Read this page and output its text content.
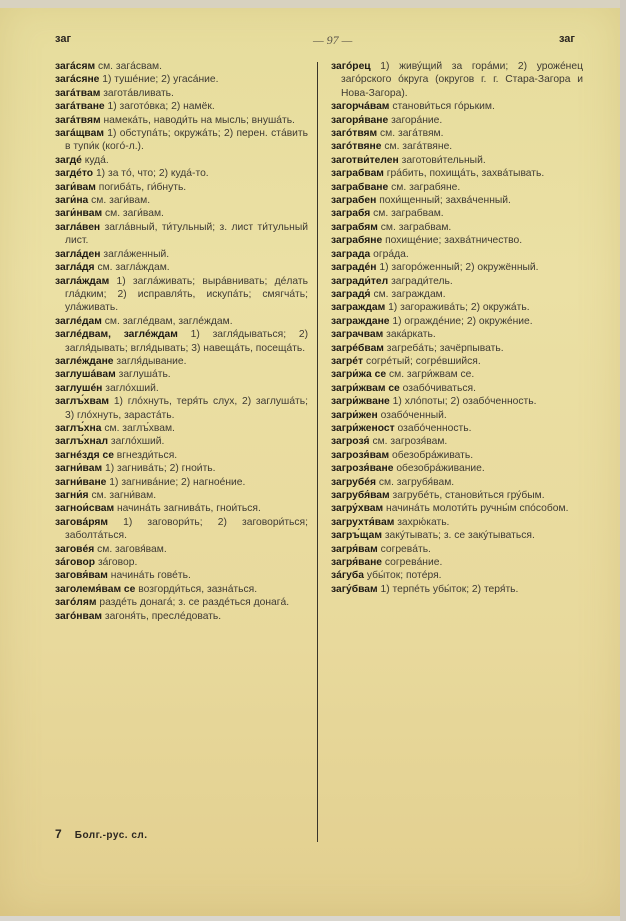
заг	— 97 —	заг

загáсям см. загáсвам.

загáсяне 1) тушéние; 2) угасáние.

загáтвам заготáвливать.

загáтване 1) заготóвка; 2) намёк.

загáтвям намекáть, наводи́ть на мысль; внушáть.

загáщвам 1) обступáть; окружáть; 2) перен. стáвить в тупи́к (когó-л.).

загдé кудá.

загдéто 1) за тó, что; 2) кудá-то.

заги́вам погибáть, ги́бнуть.

заги́на см. заги́вам.

заги́нвам см. заги́вам.

заглáвен заглáвный, ти́тульный; з. лист ти́тульный лист.

заглáден заглáженный.

заглáдя см. заглáждам.

заглáждам 1) заглáживать; вырáвнивать; дéлать глáдким; 2) исправля́ть, искупáть; смягчáть; улáживать.

заглéдам см. заглéдвам, заглéждам.

заглéдвам, заглéждам 1) загля́дываться; 2) загля́дывать; вгля́дывать; 3) навещáть, посещáть.

заглéждане загля́дывание.

заглушáвам заглушáть.

заглушéн заглóхший.

заглъ́хвам 1) глóхнуть, теря́ть слух, 2) заглушáть; 3) глóхнуть, зарастáть.

заглъ́хна см. заглъ́хвам.

заглъ́хнал заглóхший.

загнéздя се вгнезди́ться.

загни́вам 1) загнивáть; 2) гнои́ть.

загни́ване 1) загнивáние; 2) нагноéние.

загни́я см. загни́вам.

загнои́свам начинáть загнивáть, гнои́ться.

заговáрям 1) заговори́ть; 2) заговори́ться; заболтáться.

заговéя см. заговя́вам.

зáговор зáговор.

заговя́вам начинáть говéть.

заголемя́вам се возгорди́ться, зазнáться.

загóлям раздéть донагá; з. се раздéться донагá.

загóнвам загоня́ть, преслéдовать.

загóрец 1) живу́щий за горáми; 2) урожéнец загóрского óкруга (округов г. г. Стара-Загора и Нова-Загора).

загорчáвам станови́ться гóрьким.

загоря́ване загорáние.

загóтвям см. загáтвям.

загóтвяне см. загáтвяне.

заготви́телен заготови́тельный.

заграбвам грáбить, похищáть, захвáтывать.

заграбване см. заграбяне.

заграбен похи́щенный; захвáченный.

заграбя см. заграбвам.

заграбям см. заграбвам.

заграбяне похищéние; захвáтничество.

заграда огрáда.

заградéн 1) загорóженный; 2) окружённый.

загради́тел загради́тель.

заградя́ см. заграждам.

заграждам 1) загораживáть; 2) окружáть.

заграждане 1) ограждéние; 2) окружéние.

заграчвам закáркать.

загрéбвам загребáть; зачёрпывать.

загрéт согрéтый; согрéвшийся.

загри́жа се см. загри́жвам се.

загри́жвам се озабóчиваться.

загри́жване 1) хлóпоты; 2) озабóченность.

загри́жен озабóченный.

загри́женост озабóченность.

загрозя́ см. загрозя́вам.

загрозя́вам обезобрáживать.

загрозя́ване обезобрáживание.

загрубéя см. загрубя́вам.

загрубя́вам загрубéть, станови́ться гру́бым.

загру́хвам начинáть молоти́ть ручны́м спóсобом.

загрухтя́вам захрю́кать.

загръ́щам заку́тывать; з. се заку́тываться.

загря́вам согревáть.

загря́ване согревáние.

зáгуба убы́ток; потéря.

загу́бвам 1) терпéть убы́ток; 2) теря́ть.

7 Болг.-рус. сл.
